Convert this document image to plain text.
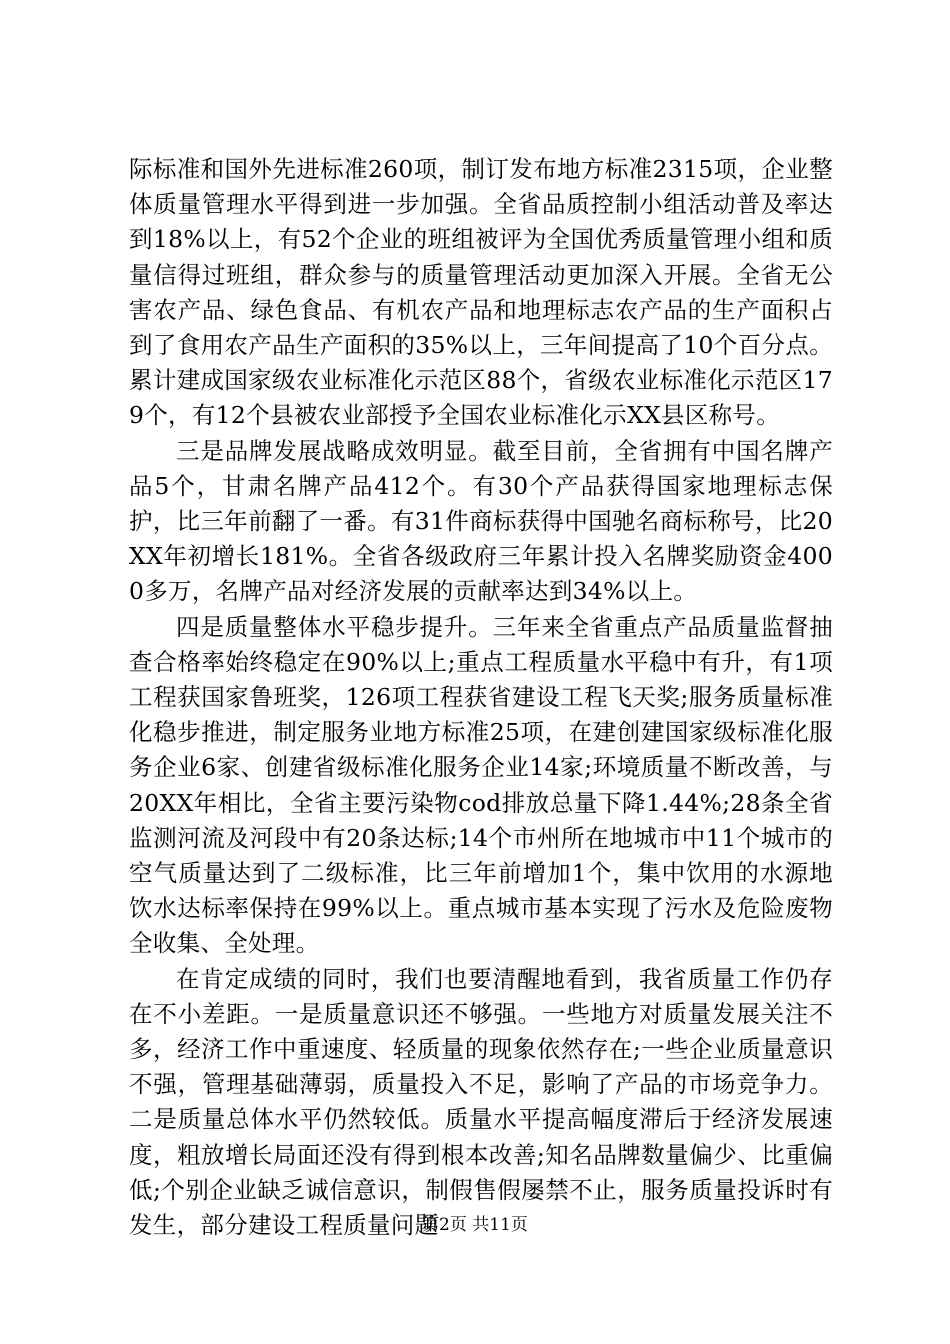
际标准和国外先进标准260项，制订发布地方标准2315项，企业整体质量管理水平得到进一步加强。全省品质控制小组活动普及率达到18%以上，有52个企业的班组被评为全国优秀质量管理小组和质量信得过班组，群众参与的质量管理活动更加深入开展。全省无公害农产品、绿色食品、有机农产品和地理标志农产品的生产面积占到了食用农产品生产面积的35%以上，三年间提高了10个百分点。累计建成国家级农业标准化示范区88个，省级农业标准化示范区179个，有12个县被农业部授予全国农业标准化示XX县区称号。

三是品牌发展战略成效明显。截至目前，全省拥有中国名牌产品5个，甘肃名牌产品412个。有30个产品获得国家地理标志保护，比三年前翻了一番。有31件商标获得中国驰名商标称号，比20XX年初增长181%。全省各级政府三年累计投入名牌奖励资金4000多万，名牌产品对经济发展的贡献率达到34%以上。

四是质量整体水平稳步提升。三年来全省重点产品质量监督抽查合格率始终稳定在90%以上;重点工程质量水平稳中有升，有1项工程获国家鲁班奖，126项工程获省建设工程飞天奖;服务质量标准化稳步推进，制定服务业地方标准25项，在建创建国家级标准化服务企业6家、创建省级标准化服务企业14家;环境质量不断改善，与20XX年相比，全省主要污染物cod排放总量下降1.44%;28条全省监测河流及河段中有20条达标;14个市州所在地城市中11个城市的空气质量达到了二级标准，比三年前增加1个，集中饮用的水源地饮水达标率保持在99%以上。重点城市基本实现了污水及危险废物全收集、全处理。

在肯定成绩的同时，我们也要清醒地看到，我省质量工作仍存在不小差距。一是质量意识还不够强。一些地方对质量发展关注不多，经济工作中重速度、轻质量的现象依然存在;一些企业质量意识不强，管理基础薄弱，质量投入不足，影响了产品的市场竞争力。二是质量总体水平仍然较低。质量水平提高幅度滞后于经济发展速度，粗放增长局面还没有得到根本改善;知名品牌数量偏少、比重偏低;个别企业缺乏诚信意识，制假售假屡禁不止，服务质量投诉时有发生，部分建设工程质量问题

第2页 共11页
